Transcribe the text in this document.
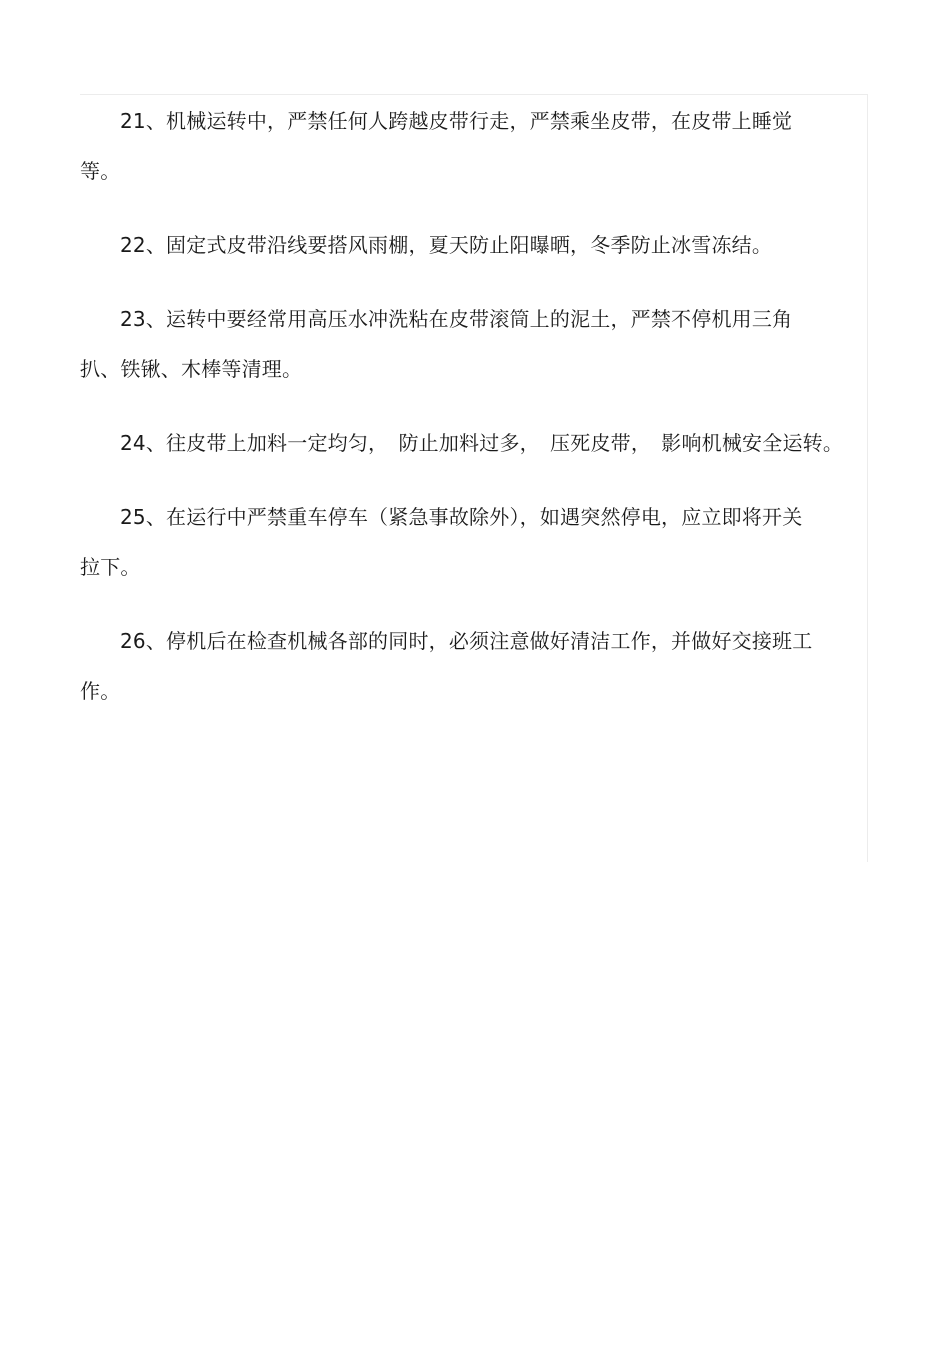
21、机械运转中，严禁任何人跨越皮带行走，严禁乘坐皮带，在皮带上睡觉等。

22、固定式皮带沿线要搭风雨棚，夏天防止阳曝晒，冬季防止冰雪冻结。

23、运转中要经常用高压水冲洗粘在皮带滚筒上的泥土，严禁不停机用三角扒、铁锹、木棒等清理。

24、往皮带上加料一定均匀，　防止加料过多，　压死皮带，　影响机械安全运转。

25、在运行中严禁重车停车（紧急事故除外），如遇突然停电，应立即将开关拉下。

26、停机后在检查机械各部的同时，必须注意做好清洁工作，并做好交接班工作。
